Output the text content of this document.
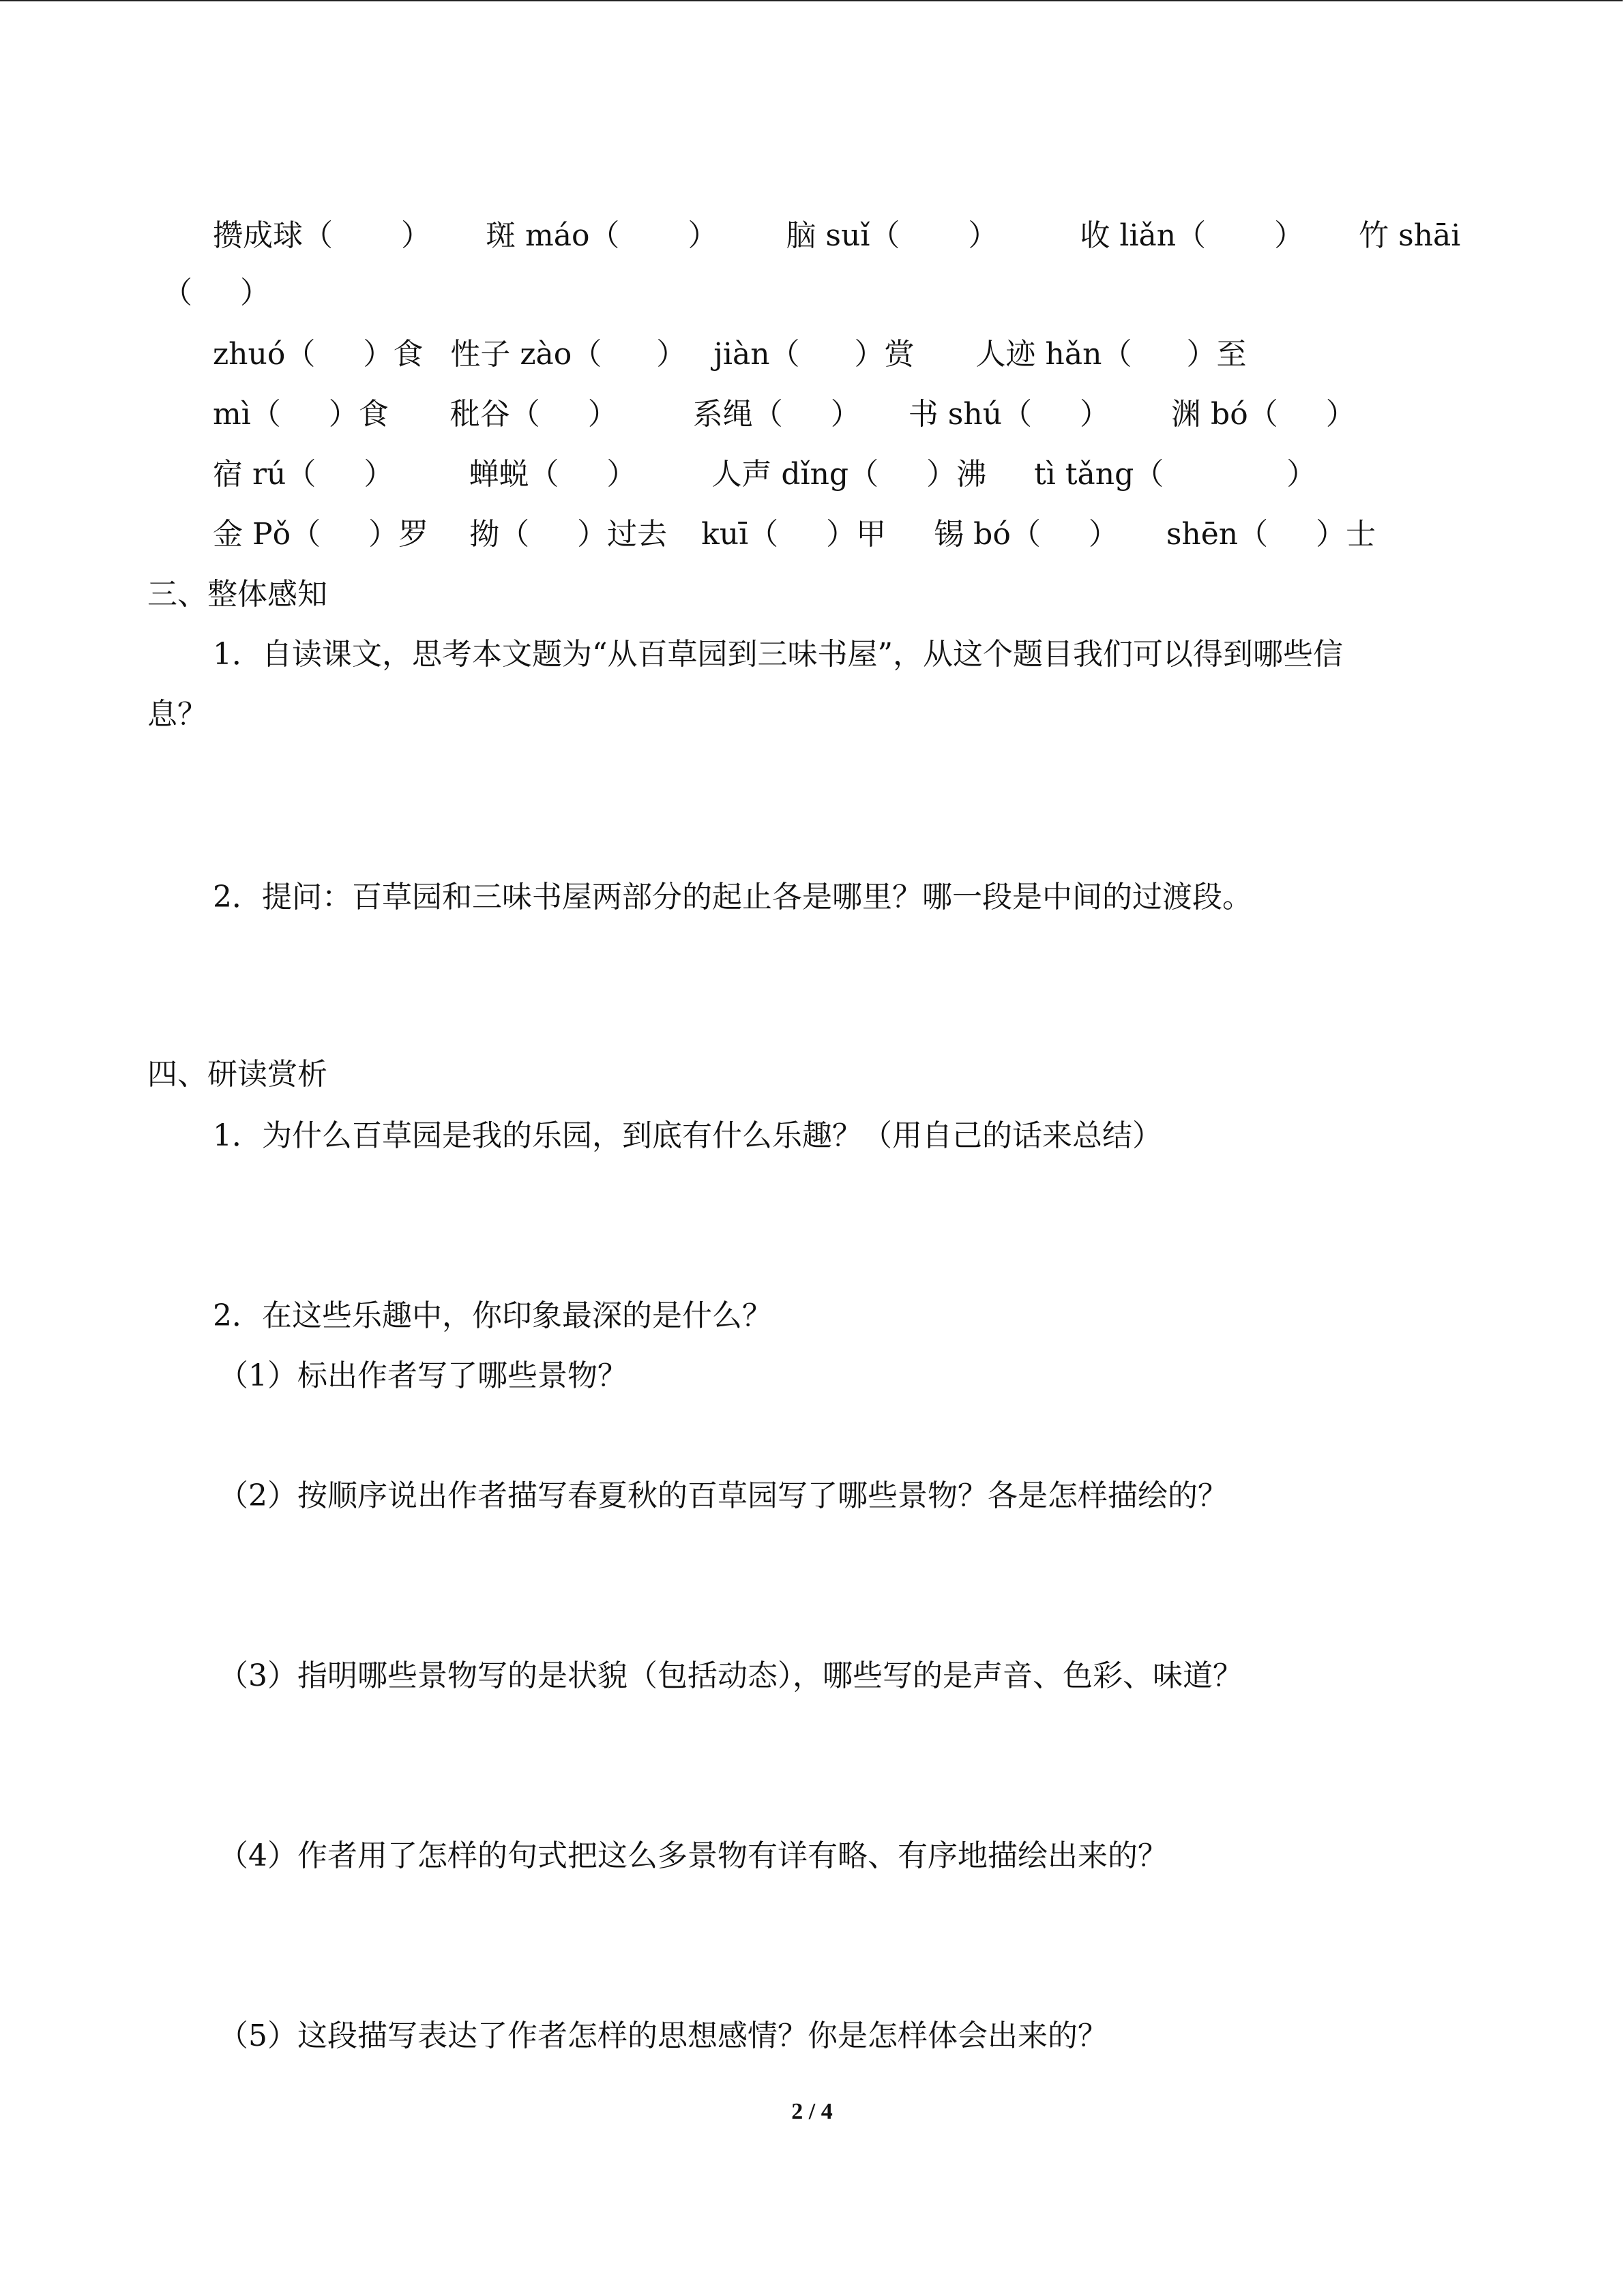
攒成球（ ） 斑 máo（ ） 脑 suǐ（ ）	收 liǎn（ ） 竹 shāi
（ ）
zhuó（ ）食 性子 zào（ ） jiàn（ ）赏 人迹 hǎn（ ）至
mì（ ）食 秕谷（ ）	系绳（ ） 书 shú（ ） 渊 bó（ ）
宿 rú（ ）	蝉蜕（ ）	人声 dǐng（ ）沸 tì tǎng（	）
金 Pǒ（ ）罗 拗（ ）过去 kuī（ ）甲 锡 bó（ ） shēn（ ）士
三、整体感知
1．自读课文，思考本文题为“从百草园到三味书屋”，从这个题目我们可以得到哪些信
息？
2．提问：百草园和三味书屋两部分的起止各是哪里？哪一段是中间的过渡段。
四、研读赏析
1．为什么百草园是我的乐园，到底有什么乐趣？（用自己的话来总结）
2．在这些乐趣中，你印象最深的是什么？
（1）标出作者写了哪些景物？
（2）按顺序说出作者描写春夏秋的百草园写了哪些景物？各是怎样描绘的？
（3）指明哪些景物写的是状貌（包括动态），哪些写的是声音、色彩、味道？
（4）作者用了怎样的句式把这么多景物有详有略、有序地描绘出来的？
（5）这段描写表达了作者怎样的思想感情？你是怎样体会出来的？
2 / 4
